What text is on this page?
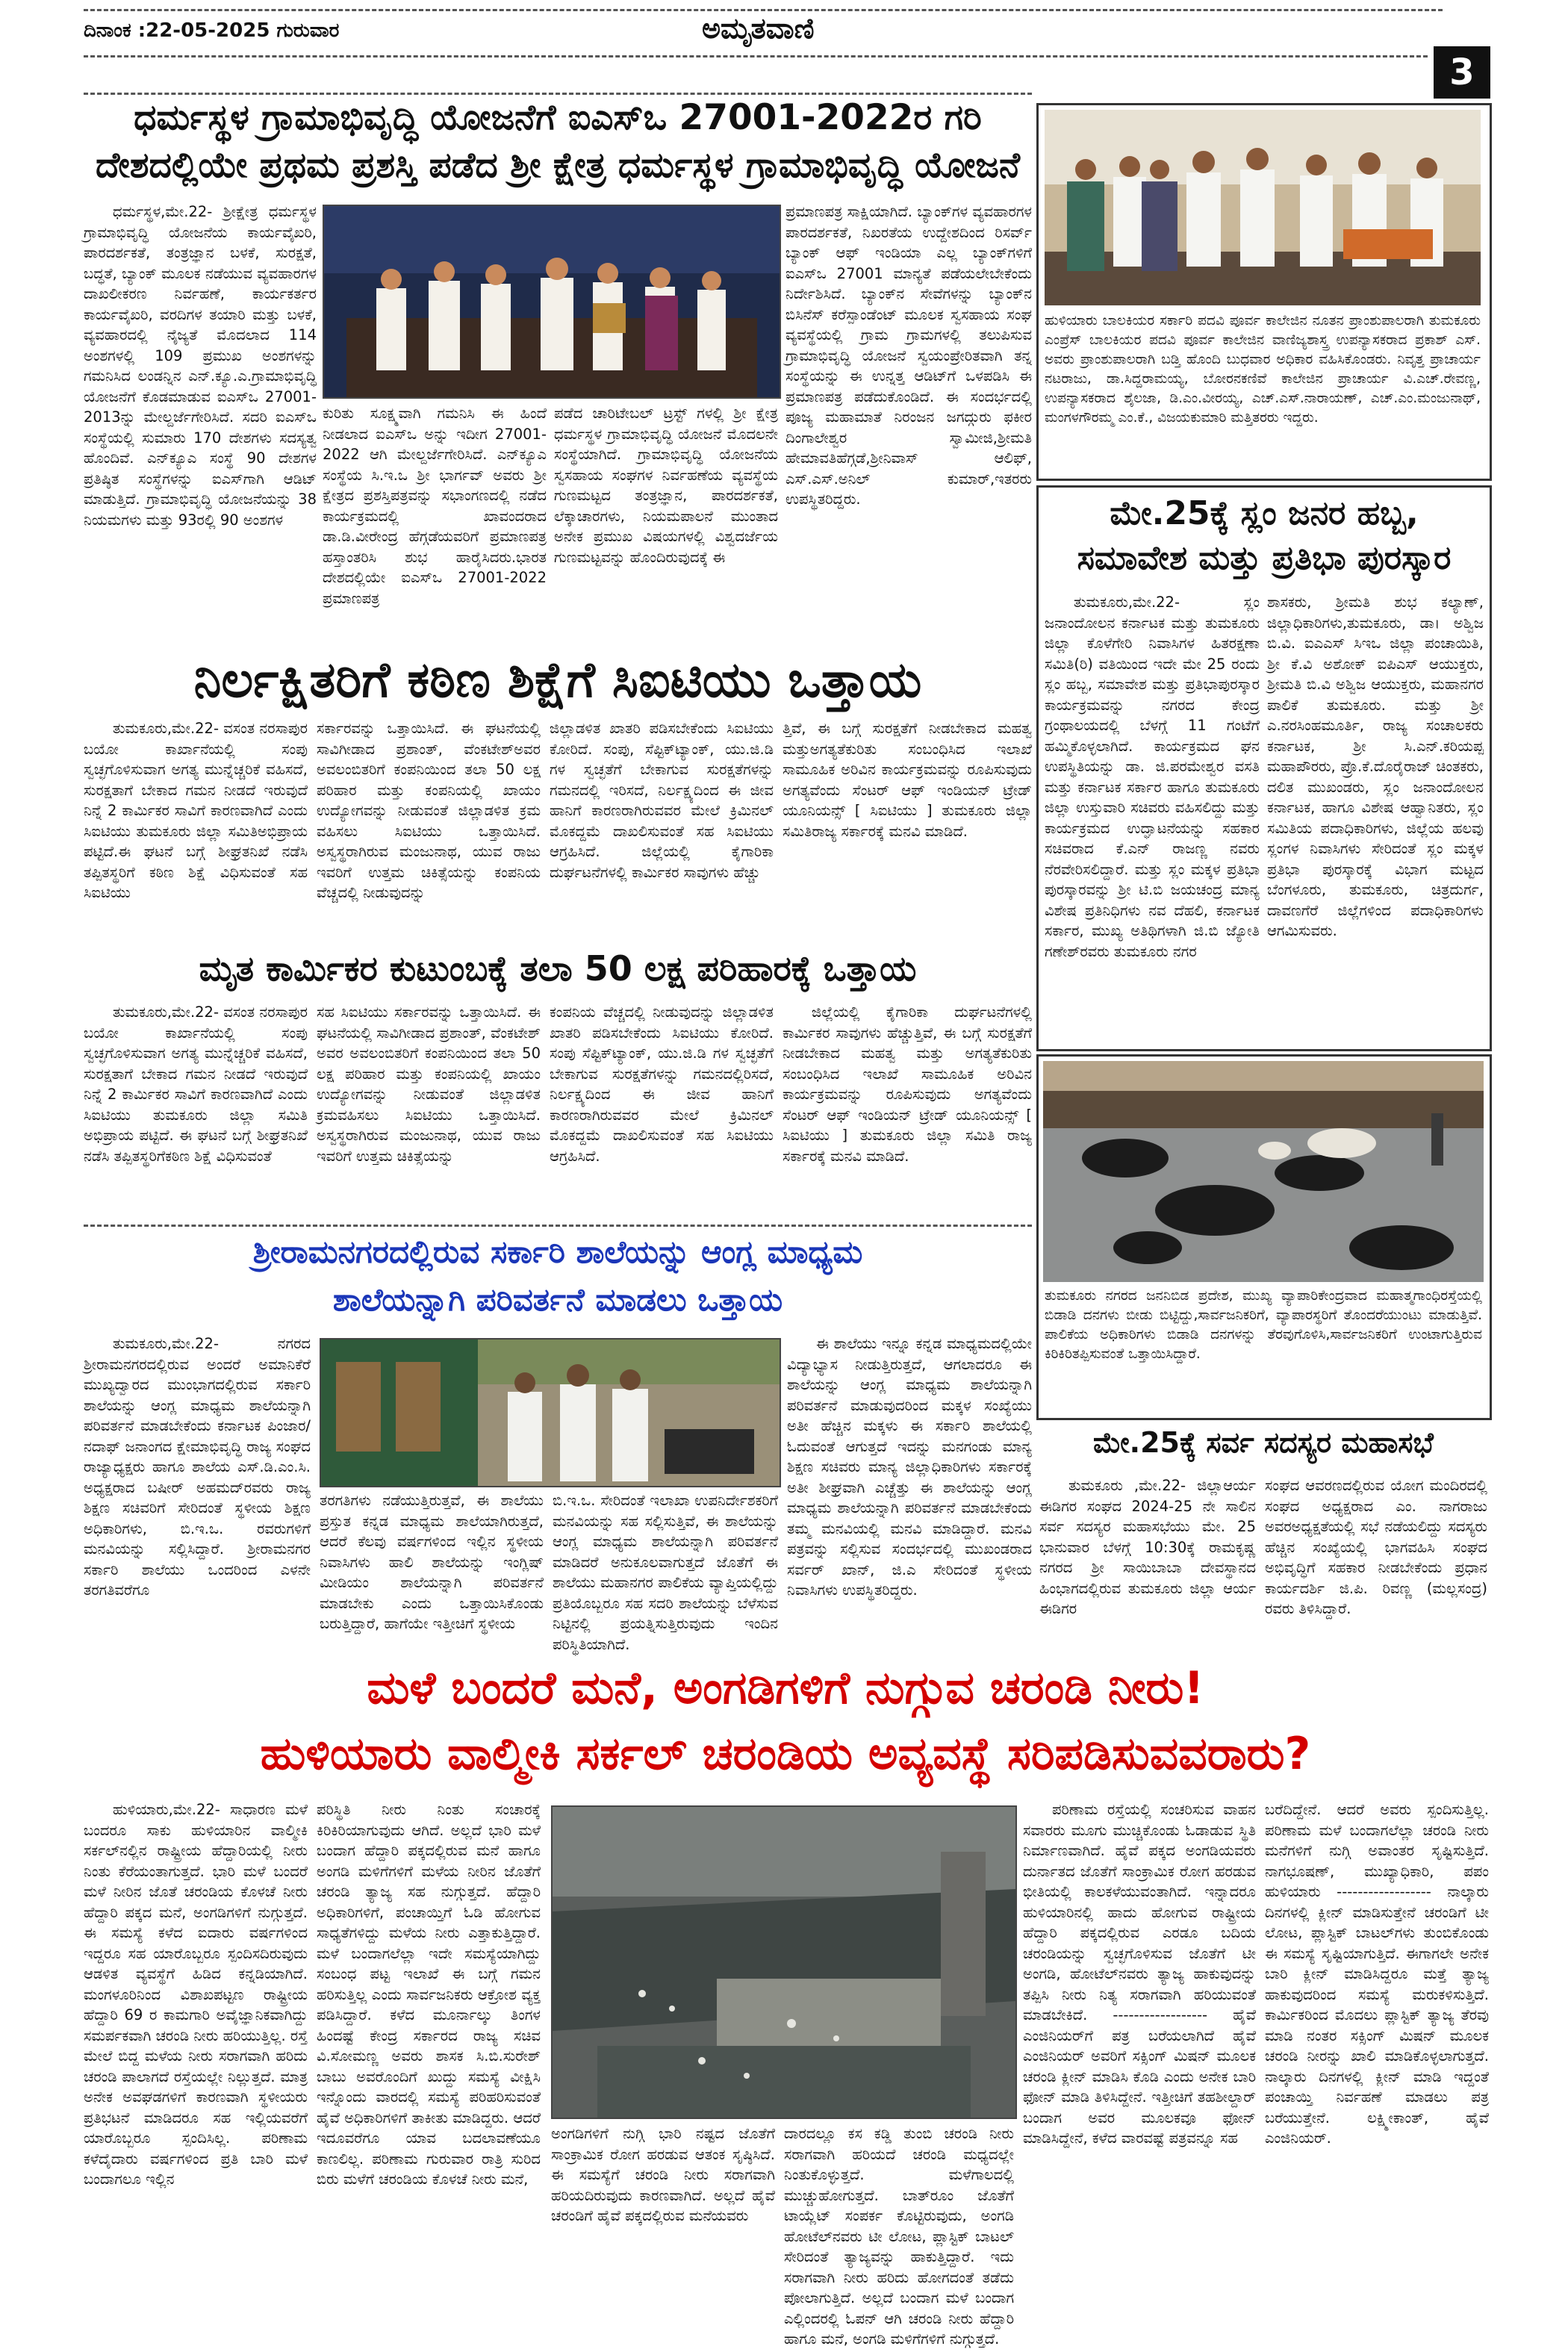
ದಿನಾಂಕ :22-05-2025 ಗುರುವಾರ	ಅಮೃತವಾಣಿ
3
ಧರ್ಮಸ್ಥಳ ಗ್ರಾಮಾಭಿವೃದ್ಧಿ ಯೋಜನೆಗೆ ಐಎಸ್‌ಒ 27001-2022ರ ಗರಿ
ದೇಶದಲ್ಲಿಯೇ ಪ್ರಥಮ ಪ್ರಶಸ್ತಿ ಪಡೆದ ಶ್ರೀ ಕ್ಷೇತ್ರ ಧರ್ಮಸ್ಥಳ ಗ್ರಾಮಾಭಿವೃದ್ಧಿ ಯೋಜನೆ

ಧರ್ಮಸ್ಥಳ,ಮೇ.22- ಶ್ರೀಕ್ಷೇತ್ರ ಧರ್ಮಸ್ಥಳ ಗ್ರಾಮಾಭಿವೃದ್ಧಿ ಯೋಜನೆಯ ಕಾರ್ಯವೈಖರಿ, ಪಾರದರ್ಶಕತೆ, ತಂತ್ರಜ್ಞಾನ ಬಳಕೆ, ಸುರಕ್ಷತೆ, ಬದ್ಧತೆ, ಬ್ಯಾಂಕ್ ಮೂಲಕ ನಡೆಯುವ ವ್ಯವಹಾರಗಳ ದಾಖಲೀಕರಣ ನಿರ್ವಹಣೆ, ಕಾರ್ಯಕರ್ತರ ಕಾರ್ಯವೈಖರಿ, ವರದಿಗಳ ತಯಾರಿ ಮತ್ತು ಬಳಕೆ, ವ್ಯವಹಾರದಲ್ಲಿ ನೈಜ್ಯತೆ ಮೊದಲಾದ 114 ಅಂಶಗಳಲ್ಲಿ 109 ಪ್ರಮುಖ ಅಂಶಗಳನ್ನು ಗಮನಿಸಿದ ಲಂಡನ್ನಿನ ಎನ್.ಕ್ಯೂ.ಎ.ಗ್ರಾಮಾಭಿವೃದ್ಧಿ ಯೋಜನೆಗೆ ಕೊಡಮಾಡುವ ಐಎಸ್‌ಒ 27001-2013ನ್ನು ಮೇಲ್ದರ್ಜೆಗೇರಿಸಿದೆ. ಸದರಿ ಐಎಸ್‌ಒ ಸಂಸ್ಥೆಯಲ್ಲಿ ಸುಮಾರು 170 ದೇಶಗಳು ಸದಸ್ಯತ್ವ ಹೊಂದಿವೆ. ಎನ್‌ಕ್ಯೂಎ ಸಂಸ್ಥೆ 90 ದೇಶಗಳ ಪ್ರತಿಷ್ಠಿತ ಸಂಸ್ಥೆಗಳನ್ನು ಐಎಸ್‌ಗಾಗಿ ಆಡಿಟ್ ಮಾಡುತ್ತಿದೆ. ಗ್ರಾಮಾಭಿವೃದ್ಧಿ ಯೋಜನೆಯನ್ನು 38 ನಿಯಮಗಳು ಮತ್ತು 93ರಲ್ಲಿ 90 ಅಂಶಗಳ

ಕುರಿತು ಸೂಕ್ಷ್ಮವಾಗಿ ಗಮನಿಸಿ ಈ ಹಿಂದೆ ನೀಡಲಾದ ಐಎಸ್‌ಒ ಅನ್ನು ಇದೀಗ 27001-2022 ಆಗಿ ಮೇಲ್ದರ್ಜೆಗೇರಿಸಿದೆ. ಎನ್‌ಕ್ಯೂಎ ಸಂಸ್ಥೆಯ ಸಿ.ಇ.ಒ ಶ್ರೀ ಭಾರ್ಗವ್ ಅವರು ಶ್ರೀ ಕ್ಷೇತ್ರದ ಪ್ರಶಸ್ತಿಪತ್ರವನ್ನು ಸಭಾಂಗಣದಲ್ಲಿ ನಡೆದ ಕಾರ್ಯಕ್ರಮದಲ್ಲಿ ಖಾವಂದರಾದ ಡಾ.ಡಿ.ವೀರೇಂದ್ರ ಹೆಗ್ಗಡೆಯವರಿಗೆ ಪ್ರಮಾಣಪತ್ರ ಹಸ್ತಾಂತರಿಸಿ ಶುಭ ಹಾರೈಸಿದರು.ಭಾರತ ದೇಶದಲ್ಲಿಯೇ ಐಎಸ್‌ಒ 27001-2022 ಪ್ರಮಾಣಪತ್ರ

ಪಡೆದ ಚಾರಿಟೇಬಲ್ ಟ್ರಸ್ಟ್ ಗಳಲ್ಲಿ ಶ್ರೀ ಕ್ಷೇತ್ರ ಧರ್ಮಸ್ಥಳ ಗ್ರಾಮಾಭಿವೃದ್ಧಿ ಯೋಜನೆ ಮೊದಲನೇ ಸಂಸ್ಥೆಯಾಗಿದೆ. ಗ್ರಾಮಾಭಿವೃದ್ಧಿ ಯೋಜನೆಯ ಸ್ವಸಹಾಯ ಸಂಘಗಳ ನಿರ್ವಹಣೆಯ ವ್ಯವಸ್ಥೆಯ ಗುಣಮಟ್ಟದ ತಂತ್ರಜ್ಞಾನ, ಪಾರದರ್ಶಕತೆ, ಲೆಕ್ಕಾಚಾರಗಳು, ನಿಯಮಪಾಲನೆ ಮುಂತಾದ ಅನೇಕ ಪ್ರಮುಖ ವಿಷಯಗಳಲ್ಲಿ ವಿಶ್ವದರ್ಜೆಯ ಗುಣಮಟ್ಟವನ್ನು ಹೊಂದಿರುವುದಕ್ಕೆ ಈ

ಪ್ರಮಾಣಪತ್ರ ಸಾಕ್ಷಿಯಾಗಿದೆ. ಬ್ಯಾಂಕ್‌ಗಳ ವ್ಯವಹಾರಗಳ ಪಾರದರ್ಶಕತೆ, ನಿಖರತೆಯ ಉದ್ದೇಶದಿಂದ ರಿಸರ್ವ್ ಬ್ಯಾಂಕ್ ಆಫ್ ಇಂಡಿಯಾ ಎಲ್ಲ ಬ್ಯಾಂಕ್‌ಗಳಿಗೆ ಐಎಸ್‌ಒ 27001 ಮಾನ್ಯತೆ ಪಡೆಯಲೇಬೇಕೆಂದು ನಿರ್ದೇಶಿಸಿದೆ. ಬ್ಯಾಂಕ್‌ನ ಸೇವೆಗಳನ್ನು ಬ್ಯಾಂಕ್‌ನ ಬಿಸಿನೆಸ್ ಕರೆಸ್ಪಾಂಡೆಂಟ್ ಮೂಲಕ ಸ್ವಸಹಾಯ ಸಂಘ ವ್ಯವಸ್ಥೆಯಲ್ಲಿ ಗ್ರಾಮ ಗ್ರಾಮಗಳಲ್ಲಿ ತಲುಪಿಸುವ ಗ್ರಾಮಾಭಿವೃದ್ಧಿ ಯೋಜನೆ ಸ್ವಯಂಪ್ರೇರಿತವಾಗಿ ತನ್ನ ಸಂಸ್ಥೆಯನ್ನು ಈ ಉನ್ನತ್ತ ಆಡಿಟ್‌ಗೆ ಒಳಪಡಿಸಿ ಈ ಪ್ರಮಾಣಪತ್ರ ಪಡೆದುಕೊಂಡಿದೆ. ಈ ಸಂದರ್ಭದಲ್ಲಿ ಪೂಜ್ಯ ಮಹಾಮಾತೆ ನಿರಂಜನ ಜಗದ್ಗುರು ಫಕೀರ ದಿಂಗಾಲೇಶ್ವರ ಸ್ವಾಮೀಜಿ,ಶ್ರೀಮತಿ ಹೇಮಾವತಿಹೆಗ್ಗಡೆ,ಶ್ರೀನಿವಾಸ್ ಆಲಿಫ್, ಎಸ್.ಎಸ್.ಅನಿಲ್ ಕುಮಾರ್,ಇತರರು ಉಪಸ್ಥಿತರಿದ್ದರು.

ನಿರ್ಲಕ್ಷಿತರಿಗೆ ಕಠಿಣ ಶಿಕ್ಷೆಗೆ ಸಿಐಟಿಯು ಒತ್ತಾಯ

ತುಮಕೂರು,ಮೇ.22- ವಸಂತ ನರಸಾಪುರ ಬಯೋ ಕಾರ್ಖಾನೆಯಲ್ಲಿ ಸಂಪು ಸ್ವಚ್ಛಗೊಳಿಸುವಾಗ ಅಗತ್ಯ ಮುನ್ನೆಚ್ಚರಿಕೆ ವಹಿಸದೆ, ಸುರಕ್ಷತಾಗೆ ಬೇಕಾದ ಗಮನ ನೀಡದೆ ಇರುವುದೆ ನಿನ್ನೆ 2 ಕಾರ್ಮಿಕರ ಸಾವಿಗೆ ಕಾರಣವಾಗಿದೆ ಎಂದು ಸಿಐಟಿಯು ತುಮಕೂರು ಜಿಲ್ಲಾ ಸಮಿತಿಅಭಿಪ್ರಾಯ ಪಟ್ಟಿದೆ.ಈ ಘಟನೆ ಬಗ್ಗೆ ಶೀಘ್ರತನಿಖೆ ನಡೆಸಿ ತಪ್ಪಿತಸ್ಥರಿಗೆ ಕಠಿಣ ಶಿಕ್ಷೆ ವಿಧಿಸುವಂತೆ ಸಹ ಸಿಐಟಿಯು

ಸರ್ಕಾರವನ್ನು ಒತ್ತಾಯಿಸಿದೆ. ಈ ಘಟನೆಯಲ್ಲಿ ಸಾವಿಗೀಡಾದ ಪ್ರಶಾಂತ್, ವೆಂಕಟೇಶ್‌ಅವರ ಅವಲಂಬಿತರಿಗೆ ಕಂಪನಿಯಿಂದ ತಲಾ 50 ಲಕ್ಷ ಪರಿಹಾರ ಮತ್ತು ಕಂಪನಿಯಲ್ಲಿ ಖಾಯಂ ಉದ್ಯೋಗವನ್ನು ನೀಡುವಂತೆ ಜಿಲ್ಲಾಡಳಿತ ಕ್ರಮ ವಹಿಸಲು ಸಿಐಟಿಯು ಒತ್ತಾಯಿಸಿದೆ. ಅಸ್ವಸ್ಥರಾಗಿರುವ ಮಂಜುನಾಥ, ಯುವ ರಾಜು ಇವರಿಗೆ ಉತ್ತಮ ಚಿಕಿತ್ಸೆಯನ್ನು ಕಂಪನಿಯ ವೆಚ್ಚದಲ್ಲಿ ನೀಡುವುದನ್ನು

ಜಿಲ್ಲಾಡಳಿತ ಖಾತರಿ ಪಡಿಸಬೇಕೆಂದು ಸಿಐಟಿಯು ಕೋರಿದೆ. ಸಂಪು, ಸೆಪ್ಟಿಕ್‌ಟ್ಯಾಂಕ್, ಯು.ಜಿ.ಡಿ ಗಳ ಸ್ವಚ್ಛತೆಗೆ ಬೇಕಾಗುವ ಸುರಕ್ಷತೆಗಳನ್ನು ಗಮನದಲ್ಲಿ ಇರಿಸದೆ, ನಿರ್ಲಕ್ಷ್ಯದಿಂದ ಈ ಜೀವ ಹಾನಿಗೆ ಕಾರಣರಾಗಿರುವವರ ಮೇಲೆ ಕ್ರಿಮಿನಲ್ ಮೊಕದ್ದಮೆ ದಾಖಲಿಸುವಂತೆ ಸಹ ಸಿಐಟಿಯು ಆಗ್ರಹಿಸಿದೆ. ಜಿಲ್ಲೆಯಲ್ಲಿ ಕೈಗಾರಿಕಾ ದುರ್ಘಟನೆಗಳಲ್ಲಿ ಕಾರ್ಮಿಕರ ಸಾವುಗಳು ಹೆಚ್ಚು

ತ್ತಿವೆ, ಈ ಬಗ್ಗೆ ಸುರಕ್ಷತೆಗೆ ನೀಡಬೇಕಾದ ಮಹತ್ವ ಮತ್ತುಅಗತ್ಯತೆಕುರಿತು ಸಂಬಂಧಿಸಿದ ಇಲಾಖೆ ಸಾಮೂಹಿಕ ಅರಿವಿನ ಕಾರ್ಯಕ್ರಮವನ್ನು ರೂಪಿಸುವುದು ಅಗತ್ಯವೆಂದು ಸೆಂಟರ್ ಆಫ್ ಇಂಡಿಯನ್ ಟ್ರೇಡ್ ಯೂನಿಯನ್ಸ್ [ ಸಿಐಟಿಯು ] ತುಮಕೂರು ಜಿಲ್ಲಾ ಸಮಿತಿರಾಜ್ಯ ಸರ್ಕಾರಕ್ಕೆ ಮನವಿ ಮಾಡಿದೆ.

ಮೃತ ಕಾರ್ಮಿಕರ ಕುಟುಂಬಕ್ಕೆ ತಲಾ 50 ಲಕ್ಷ ಪರಿಹಾರಕ್ಕೆ ಒತ್ತಾಯ

ತುಮಕೂರು,ಮೇ.22- ವಸಂತ ನರಸಾಪುರ ಬಯೋ ಕಾರ್ಖಾನೆಯಲ್ಲಿ ಸಂಪು ಸ್ವಚ್ಛಗೊಳಿಸುವಾಗ ಅಗತ್ಯ ಮುನ್ನೆಚ್ಚರಿಕೆ ವಹಿಸದೆ, ಸುರಕ್ಷತಾಗೆ ಬೇಕಾದ ಗಮನ ನೀಡದೆ ಇರುವುದೆ ನಿನ್ನೆ 2 ಕಾರ್ಮಿಕರ ಸಾವಿಗೆ ಕಾರಣವಾಗಿದೆ ಎಂದು ಸಿಐಟಿಯು ತುಮಕೂರು ಜಿಲ್ಲಾ ಸಮಿತಿ ಅಭಿಪ್ರಾಯ ಪಟ್ಟಿದೆ. ಈ ಘಟನೆ ಬಗ್ಗೆ ಶೀಘ್ರತನಿಖೆ ನಡೆಸಿ ತಪ್ಪಿತಸ್ಥರಿಗೆಕಠಿಣ ಶಿಕ್ಷೆ ವಿಧಿಸುವಂತೆ

ಸಹ ಸಿಐಟಿಯು ಸರ್ಕಾರವನ್ನು ಒತ್ತಾಯಿಸಿದೆ. ಈ ಘಟನೆಯಲ್ಲಿ ಸಾವಿಗೀಡಾದ ಪ್ರಶಾಂತ್, ವೆಂಕಟೇಶ್ ಅವರ ಅವಲಂಬಿತರಿಗೆ ಕಂಪನಿಯಿಂದ ತಲಾ 50 ಲಕ್ಷ ಪರಿಹಾರ ಮತ್ತು ಕಂಪನಿಯಲ್ಲಿ ಖಾಯಂ ಉದ್ಯೋಗವನ್ನು ನೀಡುವಂತೆ ಜಿಲ್ಲಾಡಳಿತ ಕ್ರಮವಹಿಸಲು ಸಿಐಟಿಯು ಒತ್ತಾಯಿಸಿದೆ. ಅಸ್ವಸ್ಥರಾಗಿರುವ ಮಂಜುನಾಥ, ಯುವ ರಾಜು ಇವರಿಗೆ ಉತ್ತಮ ಚಿಕಿತ್ಸೆಯನ್ನು

ಕಂಪನಿಯ ವೆಚ್ಚದಲ್ಲಿ ನೀಡುವುದನ್ನು ಜಿಲ್ಲಾಡಳಿತ ಖಾತರಿ ಪಡಿಸಬೇಕೆಂದು ಸಿಐಟಿಯು ಕೋರಿದೆ. ಸಂಪು ಸೆಪ್ಟಿಕ್‌ಟ್ಯಾಂಕ್, ಯು.ಜಿ.ಡಿ ಗಳ ಸ್ವಚ್ಛತೆಗೆ ಬೇಕಾಗುವ ಸುರಕ್ಷತೆಗಳನ್ನು ಗಮನದಲ್ಲಿರಿಸದೆ, ನಿರ್ಲಕ್ಷ್ಯದಿಂದ ಈ ಜೀವ ಹಾನಿಗೆ ಕಾರಣರಾಗಿರುವವರ ಮೇಲೆ ಕ್ರಿಮಿನಲ್ ಮೊಕದ್ದಮೆ ದಾಖಲಿಸುವಂತೆ ಸಹ ಸಿಐಟಿಯು ಆಗ್ರಹಿಸಿದೆ.

ಜಿಲ್ಲೆಯಲ್ಲಿ ಕೈಗಾರಿಕಾ ದುರ್ಘಟನೆಗಳಲ್ಲಿ ಕಾರ್ಮಿಕರ ಸಾವುಗಳು ಹೆಚ್ಚುತ್ತಿವೆ, ಈ ಬಗ್ಗೆ ಸುರಕ್ಷತೆಗೆ ನೀಡಬೇಕಾದ ಮಹತ್ವ ಮತ್ತು ಅಗತ್ಯತೆಕುರಿತು ಸಂಬಂಧಿಸಿದ ಇಲಾಖೆ ಸಾಮೂಹಿಕ ಅರಿವಿನ ಕಾರ್ಯಕ್ರಮವನ್ನು ರೂಪಿಸುವುದು ಅಗತ್ಯವೆಂದು ಸೆಂಟರ್ ಆಫ್ ಇಂಡಿಯನ್ ಟ್ರೇಡ್ ಯೂನಿಯನ್ಸ್ [ ಸಿಐಟಿಯು ] ತುಮಕೂರು ಜಿಲ್ಲಾ ಸಮಿತಿ ರಾಜ್ಯ ಸರ್ಕಾರಕ್ಕೆ ಮನವಿ ಮಾಡಿದೆ.

ಶ್ರೀರಾಮನಗರದಲ್ಲಿರುವ ಸರ್ಕಾರಿ ಶಾಲೆಯನ್ನು ಆಂಗ್ಲ ಮಾಧ್ಯಮ
ಶಾಲೆಯನ್ನಾಗಿ ಪರಿವರ್ತನೆ ಮಾಡಲು ಒತ್ತಾಯ

ತುಮಕೂರು,ಮೇ.22- ನಗರದ ಶ್ರೀರಾಮನಗರದಲ್ಲಿರುವ ಅಂದರೆ ಅಮಾನಿಕೆರೆ ಮುಖ್ಯದ್ವಾರದ ಮುಂಭಾಗದಲ್ಲಿರುವ ಸರ್ಕಾರಿ ಶಾಲೆಯನ್ನು ಆಂಗ್ಲ ಮಾಧ್ಯಮ ಶಾಲೆಯನ್ನಾಗಿ ಪರಿವರ್ತನೆ ಮಾಡಬೇಕೆಂದು ಕರ್ನಾಟಕ ಪಿಂಜಾರ/ನದಾಫ್ ಜನಾಂಗದ ಕ್ಷೇಮಾಭಿವೃದ್ಧಿ ರಾಜ್ಯ ಸಂಘದ ರಾಜ್ಯಾಧ್ಯಕ್ಷರು ಹಾಗೂ ಶಾಲೆಯ ಎಸ್.ಡಿ.ಎಂ.ಸಿ. ಅಧ್ಯಕ್ಷರಾದ ಬಷೀರ್ ಅಹಮದ್‌ರವರು ರಾಜ್ಯ ಶಿಕ್ಷಣ ಸಚಿವರಿಗೆ ಸೇರಿದಂತೆ ಸ್ಥಳೀಯ ಶಿಕ್ಷಣ ಅಧಿಕಾರಿಗಳು, ಬಿ.ಇ.ಒ. ರವರುಗಳಿಗೆ ಮನವಿಯನ್ನು ಸಲ್ಲಿಸಿದ್ದಾರೆ. ಶ್ರೀರಾಮನಗರ ಸರ್ಕಾರಿ ಶಾಲೆಯು ಒಂದರಿಂದ ಎಳನೇ ತರಗತಿವರೆಗೂ

ತರಗತಿಗಳು ನಡೆಯುತ್ತಿರುತ್ತವೆ, ಈ ಶಾಲೆಯು ಪ್ರಸ್ತುತ ಕನ್ನಡ ಮಾಧ್ಯಮ ಶಾಲೆಯಾಗಿರುತ್ತದೆ, ಆದರೆ ಕೆಲವು ವರ್ಷಗಳಿಂದ ಇಲ್ಲಿನ ಸ್ಥಳೀಯ ನಿವಾಸಿಗಳು ಹಾಲಿ ಶಾಲೆಯನ್ನು ಇಂಗ್ಲಿಷ್ ಮೀಡಿಯಂ ಶಾಲೆಯನ್ನಾಗಿ ಪರಿವರ್ತನೆ ಮಾಡಬೇಕು ಎಂದು ಒತ್ತಾಯಿಸಿಕೊಂಡು ಬರುತ್ತಿದ್ದಾರೆ, ಹಾಗೆಯೇ ಇತ್ತೀಚಿಗೆ ಸ್ಥಳೀಯ

ಬಿ.ಇ.ಒ. ಸೇರಿದಂತೆ ಇಲಾಖಾ ಉಪನಿರ್ದೇಶಕರಿಗೆ ಮನವಿಯನ್ನು ಸಹ ಸಲ್ಲಿಸುತ್ತಿವೆ, ಈ ಶಾಲೆಯನ್ನು ಆಂಗ್ಲ ಮಾಧ್ಯಮ ಶಾಲೆಯನ್ನಾಗಿ ಪರಿವರ್ತನೆ ಮಾಡಿದರೆ ಅನುಕೂಲವಾಗುತ್ತದೆ ಜೊತೆಗೆ ಈ ಶಾಲೆಯು ಮಹಾನಗರ ಪಾಲಿಕೆಯ ವ್ಯಾಪ್ತಿಯಲ್ಲಿದ್ದು ಪ್ರತಿಯೊಬ್ಬರೂ ಸಹ ಸದರಿ ಶಾಲೆಯನ್ನು ಬೆಳೆಸುವ ನಿಟ್ಟಿನಲ್ಲಿ ಪ್ರಯತ್ನಿಸುತ್ತಿರುವುದು ಇಂದಿನ ಪರಿಸ್ಥಿತಿಯಾಗಿದೆ.

ಈ ಶಾಲೆಯು ಇನ್ನೂ ಕನ್ನಡ ಮಾಧ್ಯಮದಲ್ಲಿಯೇ ವಿದ್ಯಾಭ್ಯಾಸ ನೀಡುತ್ತಿರುತ್ತದೆ, ಆಗಲಾದರೂ ಈ ಶಾಲೆಯನ್ನು ಆಂಗ್ಲ ಮಾಧ್ಯಮ ಶಾಲೆಯನ್ನಾಗಿ ಪರಿವರ್ತನೆ ಮಾಡುವುದರಿಂದ ಮಕ್ಕಳ ಸಂಖ್ಯೆಯು ಅತೀ ಹೆಚ್ಚಿನ ಮಕ್ಕಳು ಈ ಸರ್ಕಾರಿ ಶಾಲೆಯಲ್ಲಿ ಓದುವಂತೆ ಆಗುತ್ತದೆ ಇದನ್ನು ಮನಗಂಡು ಮಾನ್ಯ ಶಿಕ್ಷಣ ಸಚಿವರು ಮಾನ್ಯ ಜಿಲ್ಲಾಧಿಕಾರಿಗಳು ಸರ್ಕಾರಕ್ಕೆ ಅತೀ ಶೀಘ್ರವಾಗಿ ಎಚ್ಚೆತ್ತು ಈ ಶಾಲೆಯನ್ನು ಆಂಗ್ಲ ಮಾಧ್ಯಮ ಶಾಲೆಯನ್ನಾಗಿ ಪರಿವರ್ತನೆ ಮಾಡಬೇಕೆಂದು ತಮ್ಮ ಮನವಿಯಲ್ಲಿ ಮನವಿ ಮಾಡಿದ್ದಾರೆ. ಮನವಿ ಪತ್ರವನ್ನು ಸಲ್ಲಿಸುವ ಸಂದರ್ಭದಲ್ಲಿ ಮುಖಂಡರಾದ ಸರ್ವರ್ ಖಾನ್, ಜಿ.ಎ ಸೇರಿದಂತೆ ಸ್ಥಳೀಯ ನಿವಾಸಿಗಳು ಉಪಸ್ಥಿತರಿದ್ದರು.

ಮಳೆ ಬಂದರೆ ಮನೆ, ಅಂಗಡಿಗಳಿಗೆ ನುಗ್ಗುವ ಚರಂಡಿ ನೀರು!
ಹುಳಿಯಾರು ವಾಲ್ಮೀಕಿ ಸರ್ಕಲ್ ಚರಂಡಿಯ ಅವ್ಯವಸ್ಥೆ ಸರಿಪಡಿಸುವವರಾರು?

ಹುಳಿಯಾರು,ಮೇ.22- ಸಾಧಾರಣ ಮಳೆ ಬಂದರೂ ಸಾಕು ಹುಳಿಯಾರಿನ ವಾಲ್ಮೀಕಿ ಸರ್ಕಲ್‌ನಲ್ಲಿನ ರಾಷ್ಟ್ರೀಯ ಹೆದ್ದಾರಿಯಲ್ಲಿ ನೀರು ನಿಂತು ಕೆರೆಯಂತಾಗುತ್ತದೆ. ಭಾರಿ ಮಳೆ ಬಂದರೆ ಮಳೆ ನೀರಿನ ಜೊತೆ ಚರಂಡಿಯ ಕೊಳಚೆ ನೀರು ಹೆದ್ದಾರಿ ಪಕ್ಕದ ಮನೆ, ಅಂಗಡಿಗಳಿಗೆ ನುಗ್ಗುತ್ತದೆ. ಈ ಸಮಸ್ಯೆ ಕಳೆದ ಐದಾರು ವರ್ಷಗಳಿಂದ ಇದ್ದರೂ ಸಹ ಯಾರೊಬ್ಬರೂ ಸ್ಪಂದಿಸದಿರುವುದು ಆಡಳಿತ ವ್ಯವಸ್ಥೆಗೆ ಹಿಡಿದ ಕನ್ನಡಿಯಾಗಿದೆ. ಮಂಗಳೂರಿನಿಂದ ವಿಶಾಖಪಟ್ಟಣ ರಾಷ್ಟ್ರೀಯ ಹೆದ್ದಾರಿ 69 ರ ಕಾಮಗಾರಿ ಅವೈಜ್ಞಾನಿಕವಾಗಿದ್ದು ಸಮರ್ಪಕವಾಗಿ ಚರಂಡಿ ನೀರು ಹರಿಯುತ್ತಿಲ್ಲ. ರಸ್ತೆ ಮೇಲೆ ಬಿದ್ದ ಮಳೆಯ ನೀರು ಸರಾಗವಾಗಿ ಹರಿದು ಚರಂಡಿ ಪಾಲಾಗದೆ ರಸ್ತೆಯಲ್ಲೇ ನಿಲ್ಲುತ್ತದೆ. ಮಾತ್ರ ಅನೇಕ ಅವಘಡಗಳಿಗೆ ಕಾರಣವಾಗಿ ಸ್ಥಳೀಯರು ಪ್ರತಿಭಟನೆ ಮಾಡಿದರೂ ಸಹ ಇಲ್ಲಿಯವರೆಗೆ ಯಾರೊಬ್ಬರೂ ಸ್ಪಂದಿಸಿಲ್ಲ. ಪರಿಣಾಮ ಕಳೆದೈದಾರು ವರ್ಷಗಳಿಂದ ಪ್ರತಿ ಬಾರಿ ಮಳೆ ಬಂದಾಗಲೂ ಇಲ್ಲಿನ

ಪರಿಸ್ಥಿತಿ ನೀರು ನಿಂತು ಸಂಚಾರಕ್ಕೆ ಕಿರಿಕಿರಿಯಾಗುವುದು ಆಗಿದೆ. ಅಲ್ಲದೆ ಭಾರಿ ಮಳೆ ಬಂದಾಗ ಹೆದ್ದಾರಿ ಪಕ್ಕದಲ್ಲಿರುವ ಮನೆ ಹಾಗೂ ಅಂಗಡಿ ಮಳಿಗೆಗಳಿಗೆ ಮಳೆಯ ನೀರಿನ ಜೊತೆಗೆ ಚರಂಡಿ ತ್ಯಾಜ್ಯ ಸಹ ನುಗ್ಗುತ್ತದೆ. ಹೆದ್ದಾರಿ ಅಧಿಕಾರಿಗಳಿಗೆ, ಪಂಚಾಯ್ತಿಗೆ ಓಡಿ ಹೋಗುವ ಸಾಧ್ಯತೆಗಳಿದ್ದು ಮಳೆಯ ನೀರು ಎತ್ತಾಕುತ್ತಿದ್ದಾರೆ. ಮಳೆ ಬಂದಾಗಲೆಲ್ಲಾ ಇದೇ ಸಮಸ್ಯೆಯಾಗಿದ್ದು ಸಂಬಂಧ ಪಟ್ಟ ಇಲಾಖೆ ಈ ಬಗ್ಗೆ ಗಮನ ಹರಿಸುತ್ತಿಲ್ಲ ಎಂದು ಸಾರ್ವಜನಿಕರು ಆಕ್ರೋಶ ವ್ಯಕ್ತ ಪಡಿಸಿದ್ದಾರೆ. ಕಳೆದ ಮೂರ್ನಾಲ್ಕು ತಿಂಗಳ ಹಿಂದಷ್ಟೆ ಕೇಂದ್ರ ಸರ್ಕಾರದ ರಾಜ್ಯ ಸಚಿವ ವಿ.ಸೋಮಣ್ಣ ಅವರು ಶಾಸಕ ಸಿ.ಬಿ.ಸುರೇಶ್ ಬಾಬು ಅವರೊಂದಿಗೆ ಖುದ್ದು ಸಮಸ್ಯೆ ವೀಕ್ಷಿಸಿ ಇನ್ನೊಂದು ವಾರದಲ್ಲಿ ಸಮಸ್ಯೆ ಪರಿಹರಿಸುವಂತೆ ಹೈವೆ ಅಧಿಕಾರಿಗಳಿಗೆ ತಾಕೀತು ಮಾಡಿದ್ದರು. ಆದರೆ ಇದೂವರೆಗೂ ಯಾವ ಬದಲಾವಣೆಯೂ ಕಾಣಲಿಲ್ಲ. ಪರಿಣಾಮ ಗುರುವಾರ ರಾತ್ರಿ ಸುರಿದ ಬಿರು ಮಳೆಗೆ ಚರಂಡಿಯ ಕೊಳಚೆ ನೀರು ಮನೆ,

ಅಂಗಡಿಗಳಿಗೆ ನುಗ್ಗಿ ಭಾರಿ ನಷ್ಟದ ಜೊತೆಗೆ ಸಾಂಕ್ರಾಮಿಕ ರೋಗ ಹರಡುವ ಆತಂಕ ಸೃಷ್ಠಿಸಿದೆ. ಈ ಸಮಸ್ಯೆಗೆ ಚರಂಡಿ ನೀರು ಸರಾಗವಾಗಿ ಹರಿಯದಿರುವುದು ಕಾರಣವಾಗಿದೆ. ಅಲ್ಲದೆ ಹೈವೆ ಚರಂಡಿಗೆ ಹೈವೆ ಪಕ್ಕದಲ್ಲಿರುವ ಮನೆಯವರು

ದಾರದಲ್ಲೂ ಕಸ ಕಡ್ಡಿ ತುಂಬಿ ಚರಂಡಿ ನೀರು ಸರಾಗವಾಗಿ ಹರಿಯದೆ ಚರಂಡಿ ಮಧ್ಯದಲ್ಲೇ ನಿಂತುಕೊಳ್ಳುತ್ತದೆ. ಮಳೆಗಾಲದಲ್ಲಿ ಮುಚ್ಚುಹೋಗುತ್ತದೆ. ಬಾತ್‌ರೂಂ ಜೊತೆಗೆ ಟಾಯ್ಲೆಟ್ ಸಂಪರ್ಕ ಕೊಟ್ಟಿರುವುದು, ಅಂಗಡಿ ಹೋಟೆಲ್‌ನವರು ಟೀ ಲೋಟ, ಪ್ಲಾಸ್ಟಿಕ್ ಬಾಟಲ್ ಸೇರಿದಂತೆ ತ್ಯಾಜ್ಯವನ್ನು ಹಾಕುತ್ತಿದ್ದಾರೆ. ಇದು ಸರಾಗವಾಗಿ ನೀರು ಹರಿದು ಹೋಗದಂತೆ ತಡೆದು ಪೋಲಾಗುತ್ತಿದೆ. ಅಲ್ಲದೆ ಬಂದಾಗ ಮಳೆ ಬಂದಾಗ ಎಲ್ಲಿಂದರಲ್ಲಿ ಓಪನ್ ಆಗಿ ಚರಂಡಿ ನೀರು ಹೆದ್ದಾರಿ ಹಾಗೂ ಮನೆ, ಅಂಗಡಿ ಮಳಿಗೆಗಳಿಗೆ ನುಗ್ಗುತ್ತದೆ.

ಪರಿಣಾಮ ರಸ್ತೆಯಲ್ಲಿ ಸಂಚರಿಸುವ ವಾಹನ ಸವಾರರು ಮೂಗು ಮುಚ್ಚಿಕೊಂಡು ಓಡಾಡುವ ಸ್ಥಿತಿ ನಿರ್ಮಾಣವಾಗಿದೆ. ಹೈವೆ ಪಕ್ಕದ ಅಂಗಡಿಯವರು ದುರ್ನಾತದ ಜೊತೆಗೆ ಸಾಂಕ್ರಾಮಿಕ ರೋಗ ಹರಡುವ ಭೀತಿಯಲ್ಲಿ ಕಾಲಕಳೆಯುವಂತಾಗಿದೆ. ಇನ್ನಾದರೂ ಹುಳಿಯಾರಿನಲ್ಲಿ ಹಾದು ಹೋಗುವ ರಾಷ್ಟ್ರೀಯ ಹೆದ್ದಾರಿ ಪಕ್ಕದಲ್ಲಿರುವ ಎರಡೂ ಬದಿಯ ಚರಂಡಿಯನ್ನು ಸ್ವಚ್ಛಗೊಳಿಸುವ ಜೊತೆಗೆ ಟೀ ಅಂಗಡಿ, ಹೋಟೆಲ್‌ನವರು ತ್ಯಾಜ್ಯ ಹಾಕುವುದನ್ನು ತಪ್ಪಿಸಿ ನೀರು ನಿತ್ಯ ಸರಾಗವಾಗಿ ಹರಿಯುವಂತೆ ಮಾಡಬೇಕಿದೆ. ------------------ ಹೈವೆ ಎಂಜಿನಿಯರ್‌ಗೆ ಪತ್ರ ಬರೆಯಲಾಗಿದೆ ಹೈವೆ ಎಂಜಿನಿಯರ್ ಅವರಿಗೆ ಸಕ್ಸಿಂಗ್ ಮಿಷನ್ ಮೂಲಕ ಚರಂಡಿ ಕ್ಲೀನ್ ಮಾಡಿಸಿ ಕೊಡಿ ಎಂದು ಅನೇಕ ಬಾರಿ ಫೋನ್ ಮಾಡಿ ತಿಳಿಸಿದ್ದೇನೆ. ಇತ್ತೀಚಿಗೆ ತಹಶೀಲ್ದಾರ್ ಬಂದಾಗ ಅವರ ಮೂಲಕವೂ ಫೋನ್ ಮಾಡಿಸಿದ್ದೇನೆ, ಕಳೆದ ವಾರವಷ್ಟೆ ಪತ್ರವನ್ನೂ ಸಹ

ಬರೆದಿದ್ದೇನೆ. ಆದರೆ ಅವರು ಸ್ಪಂದಿಸುತ್ತಿಲ್ಲ. ಪರಿಣಾಮ ಮಳೆ ಬಂದಾಗಲೆಲ್ಲಾ ಚರಂಡಿ ನೀರು ಮನೆಗಳಿಗೆ ನುಗ್ಗಿ ಅವಾಂತರ ಸೃಷ್ಟಿಸುತ್ತಿದೆ. ನಾಗಭೂಷಣ್, ಮುಖ್ಯಾಧಿಕಾರಿ, ಪಪಂ ಹುಳಿಯಾರು ------------------ ನಾಲ್ಕಾರು ದಿನಗಳಲ್ಲಿ ಕ್ಲೀನ್ ಮಾಡಿಸುತ್ತೇನೆ ಚರಂಡಿಗೆ ಟೀ ಲೋಟ, ಪ್ಲಾಸ್ಟಿಕ್ ಬಾಟಲ್‌ಗಳು ತುಂಬಿಕೊಂಡು ಈ ಸಮಸ್ಯೆ ಸೃಷ್ಟಿಯಾಗುತ್ತಿದೆ. ಈಗಾಗಲೇ ಅನೇಕ ಬಾರಿ ಕ್ಲೀನ್ ಮಾಡಿಸಿದ್ದರೂ ಮತ್ತೆ ತ್ಯಾಜ್ಯ ಹಾಕುವುದರಿಂದ ಸಮಸ್ಯೆ ಮರುಕಳಿಸುತ್ತಿದೆ. ಕಾರ್ಮಿಕರಿಂದ ಮೊದಲು ಪ್ಲಾಸ್ಟಿಕ್ ತ್ಯಾಜ್ಯ ತೆರವು ಮಾಡಿ ನಂತರ ಸಕ್ಸಿಂಗ್ ಮಿಷನ್ ಮೂಲಕ ಚರಂಡಿ ನೀರನ್ನು ಖಾಲಿ ಮಾಡಿಕೊಳ್ಳಲಾಗುತ್ತದೆ. ನಾಲ್ಕಾರು ದಿನಗಳಲ್ಲಿ ಕ್ಲೀನ್ ಮಾಡಿ ಇದ್ದಂತೆ ಪಂಚಾಯ್ತಿ ನಿರ್ವಹಣೆ ಮಾಡಲು ಪತ್ರ ಬರೆಯುತ್ತೇನೆ. ಲಕ್ಷ್ಮೀಕಾಂತ್, ಹೈವೆ ಎಂಜಿನಿಯರ್.

ಹುಳಿಯಾರು ಬಾಲಕಿಯರ ಸರ್ಕಾರಿ ಪದವಿ ಪೂರ್ವ ಕಾಲೇಜಿನ ನೂತನ ಪ್ರಾಂಶುಪಾಲರಾಗಿ ತುಮಕೂರು ಎಂಪ್ರೆಸ್ ಬಾಲಕಿಯರ ಪದವಿ ಪೂರ್ವ ಕಾಲೇಜಿನ ವಾಣಿಜ್ಯಶಾಸ್ತ್ರ ಉಪನ್ಯಾಸಕರಾದ ಪ್ರಕಾಶ್ ಎಸ್. ಅವರು ಪ್ರಾಂಶುಪಾಲರಾಗಿ ಬಡ್ತಿ ಹೊಂದಿ ಬುಧವಾರ ಅಧಿಕಾರ ವಹಿಸಿಕೊಂಡರು. ನಿವೃತ್ತ ಪ್ರಾಚಾರ್ಯ ನಟರಾಜು, ಡಾ.ಸಿದ್ದರಾಮಯ್ಯ, ಬೋರನಕಣಿವೆ ಕಾಲೇಜಿನ ಪ್ರಾಚಾರ್ಯ ವಿ.ಎಚ್.ರೇವಣ್ಣ, ಉಪನ್ಯಾಸಕರಾದ ಶೈಲಜಾ, ಡಿ.ಎಂ.ವೀರಯ್ಯ, ಎಚ್.ಎಸ್.ನಾರಾಯಣ್, ಎಚ್.ಎಂ.ಮಂಜುನಾಥ್, ಮಂಗಳಗೌರಮ್ಮ ಎಂ.ಕೆ., ವಿಜಯಕುಮಾರಿ ಮತ್ತಿತರರು ಇದ್ದರು.
ಮೇ.25ಕ್ಕೆ ಸ್ಲಂ ಜನರ ಹಬ್ಬ,
ಸಮಾವೇಶ ಮತ್ತು ಪ್ರತಿಭಾ ಪುರಸ್ಕಾರ

ತುಮಕೂರು,ಮೇ.22- ಸ್ಲಂ ಜನಾಂದೋಲನ ಕರ್ನಾಟಕ ಮತ್ತು ತುಮಕೂರು ಜಿಲ್ಲಾ ಕೊಳೆಗೇರಿ ನಿವಾಸಿಗಳ ಹಿತರಕ್ಷಣಾ ಸಮಿತಿ(ರಿ) ವತಿಯಿಂದ ಇದೇ ಮೇ 25 ರಂದು ಸ್ಲಂ ಹಬ್ಬ, ಸಮಾವೇಶ ಮತ್ತು ಪ್ರತಿಭಾಪುರಸ್ಕಾರ ಕಾರ್ಯಕ್ರಮವನ್ನು ನಗರದ ಕೇಂದ್ರ ಗ್ರಂಥಾಲಯದಲ್ಲಿ ಬೆಳಗ್ಗೆ 11 ಗಂಟೆಗೆ ಹಮ್ಮಿಕೊಳ್ಳಲಾಗಿದೆ. ಕಾರ್ಯಕ್ರಮದ ಘನ ಉಪಸ್ಥಿತಿಯನ್ನು ಡಾ. ಜಿ.ಪರಮೇಶ್ವರ ವಸತಿ ಮತ್ತು ಕರ್ನಾಟಕ ಸರ್ಕಾರ ಹಾಗೂ ತುಮಕೂರು ಜಿಲ್ಲಾ ಉಸ್ತುವಾರಿ ಸಚಿವರು ವಹಿಸಲಿದ್ದು ಮತ್ತು ಕಾರ್ಯಕ್ರಮದ ಉದ್ಘಾಟನೆಯನ್ನು ಸಹಕಾರ ಸಚಿವರಾದ ಕೆ.ಎನ್ ರಾಜಣ್ಣ ನವರು ನೆರವೇರಿಸಲಿದ್ದಾರೆ. ಮತ್ತು ಸ್ಲಂ ಮಕ್ಕಳ ಪ್ರತಿಭಾ ಪುರಸ್ಕಾರವನ್ನು ಶ್ರೀ ಟಿ.ಬಿ ಜಯಚಂದ್ರ ಮಾನ್ಯ ವಿಶೇಷ ಪ್ರತಿನಿಧಿಗಳು ನವ ದೆಹಲಿ, ಕರ್ನಾಟಕ ಸರ್ಕಾರ, ಮುಖ್ಯ ಅತಿಥಿಗಳಾಗಿ ಜಿ.ಬಿ ಜ್ಯೋತಿ ಗಣೇಶ್‌ರವರು ತುಮಕೂರು ನಗರ

ಶಾಸಕರು, ಶ್ರೀಮತಿ ಶುಭ ಕಲ್ಯಾಣ್, ಜಿಲ್ಲಾಧಿಕಾರಿಗಳು,ತುಮಕೂರು, ಡಾ। ಅಶ್ವಿಜ ಬಿ.ವಿ. ಐಎಎಸ್ ಸಿಇಒ ಜಿಲ್ಲಾ ಪಂಚಾಯಿತಿ, ಶ್ರೀ ಕೆ.ವಿ ಅಶೋಕ್ ಐಪಿಎಸ್ ಆಯುಕ್ತರು, ಶ್ರೀಮತಿ ಬಿ.ವಿ ಅಶ್ವಿಜ ಆಯುಕ್ತರು, ಮಹಾನಗರ ಪಾಲಿಕೆ ತುಮಕೂರು. ಮತ್ತು ಶ್ರೀ ಎ.ನರಸಿಂಹಮೂರ್ತಿ, ರಾಜ್ಯ ಸಂಚಾಲಕರು ಕರ್ನಾಟಕ, ಶ್ರೀ ಸಿ.ಎನ್.ಕರಿಯಪ್ಪ ಮಹಾಪೌರರು, ಪ್ರೊ.ಕೆ.ದೊರೈರಾಜ್ ಚಿಂತಕರು, ದಲಿತ ಮುಖಂಡರು, ಸ್ಲಂ ಜನಾಂದೋಲನ ಕರ್ನಾಟಕ, ಹಾಗೂ ವಿಶೇಷ ಆಹ್ವಾನಿತರು, ಸ್ಲಂ ಸಮಿತಿಯ ಪದಾಧಿಕಾರಿಗಳು, ಜಿಲ್ಲೆಯ ಹಲವು ಸ್ಲಂಗಳ ನಿವಾಸಿಗಳು ಸೇರಿದಂತೆ ಸ್ಲಂ ಮಕ್ಕಳ ಪ್ರತಿಭಾ ಪುರಸ್ಕಾರಕ್ಕೆ ವಿಭಾಗ ಮಟ್ಟದ ಬೆಂಗಳೂರು, ತುಮಕೂರು, ಚಿತ್ರದುರ್ಗ, ದಾವಣಗೆರೆ ಜಿಲ್ಲೆಗಳಿಂದ ಪದಾಧಿಕಾರಿಗಳು ಆಗಮಿಸುವರು.

ತುಮಕೂರು ನಗರದ ಜನನಿಬಿಡ ಪ್ರದೇಶ, ಮುಖ್ಯ ವ್ಯಾಪಾರಿಕೇಂದ್ರವಾದ ಮಹಾತ್ಮಗಾಂಧಿರಸ್ತೆಯಲ್ಲಿ ಬಿಡಾಡಿ ದನಗಳು ಬೀಡು ಬಿಟ್ಟಿದ್ದು,ಸಾರ್ವಜನಿಕರಿಗೆ, ವ್ಯಾಪಾರಸ್ಥರಿಗೆ ತೊಂದರೆಯುಂಟು ಮಾಡುತ್ತಿವೆ. ಪಾಲಿಕೆಯ ಅಧಿಕಾರಿಗಳು ಬಿಡಾಡಿ ದನಗಳನ್ನು ತೆರವುಗೊಳಿಸಿ,ಸಾರ್ವಜನಿಕರಿಗೆ ಉಂಟಾಗುತ್ತಿರುವ ಕಿರಿಕಿರಿತಪ್ಪಿಸುವಂತೆ ಒತ್ತಾಯಿಸಿದ್ದಾರೆ.
ಮೇ.25ಕ್ಕೆ ಸರ್ವ ಸದಸ್ಯರ ಮಹಾಸಭೆ

ತುಮಕೂರು ,ಮೇ.22- ಜಿಲ್ಲಾಆರ್ಯ ಈಡಿಗರ ಸಂಘದ 2024-25 ನೇ ಸಾಲಿನ ಸರ್ವ ಸದಸ್ಯರ ಮಹಾಸಭೆಯು ಮೇ. 25 ಭಾನುವಾರ ಬೆಳಗ್ಗೆ 10:30ಕ್ಕೆ ರಾಮಕೃಷ್ಣ ನಗರದ ಶ್ರೀ ಸಾಯಿಬಾಬಾ ದೇವಸ್ಥಾನದ ಹಿಂಭಾಗದಲ್ಲಿರುವ ತುಮಕೂರು ಜಿಲ್ಲಾ ಆರ್ಯ ಈಡಿಗರ

ಸಂಘದ ಆವರಣದಲ್ಲಿರುವ ಯೋಗ ಮಂದಿರದಲ್ಲಿ ಸಂಘದ ಅಧ್ಯಕ್ಷರಾದ ಎಂ. ನಾಗರಾಜು ಅವರಅಧ್ಯಕ್ಷತೆಯಲ್ಲಿ ಸಭೆ ನಡೆಯಲಿದ್ದು ಸದಸ್ಯರು ಹೆಚ್ಚಿನ ಸಂಖ್ಯೆಯಲ್ಲಿ ಭಾಗವಹಿಸಿ ಸಂಘದ ಅಭಿವೃದ್ಧಿಗೆ ಸಹಕಾರ ನೀಡಬೇಕೆಂದು ಪ್ರಧಾನ ಕಾರ್ಯದರ್ಶಿ ಜಿ.ಪಿ. ರಿವಣ್ಣ (ಮಲ್ಲಸಂದ್ರ) ರವರು ತಿಳಿಸಿದ್ದಾರೆ.
